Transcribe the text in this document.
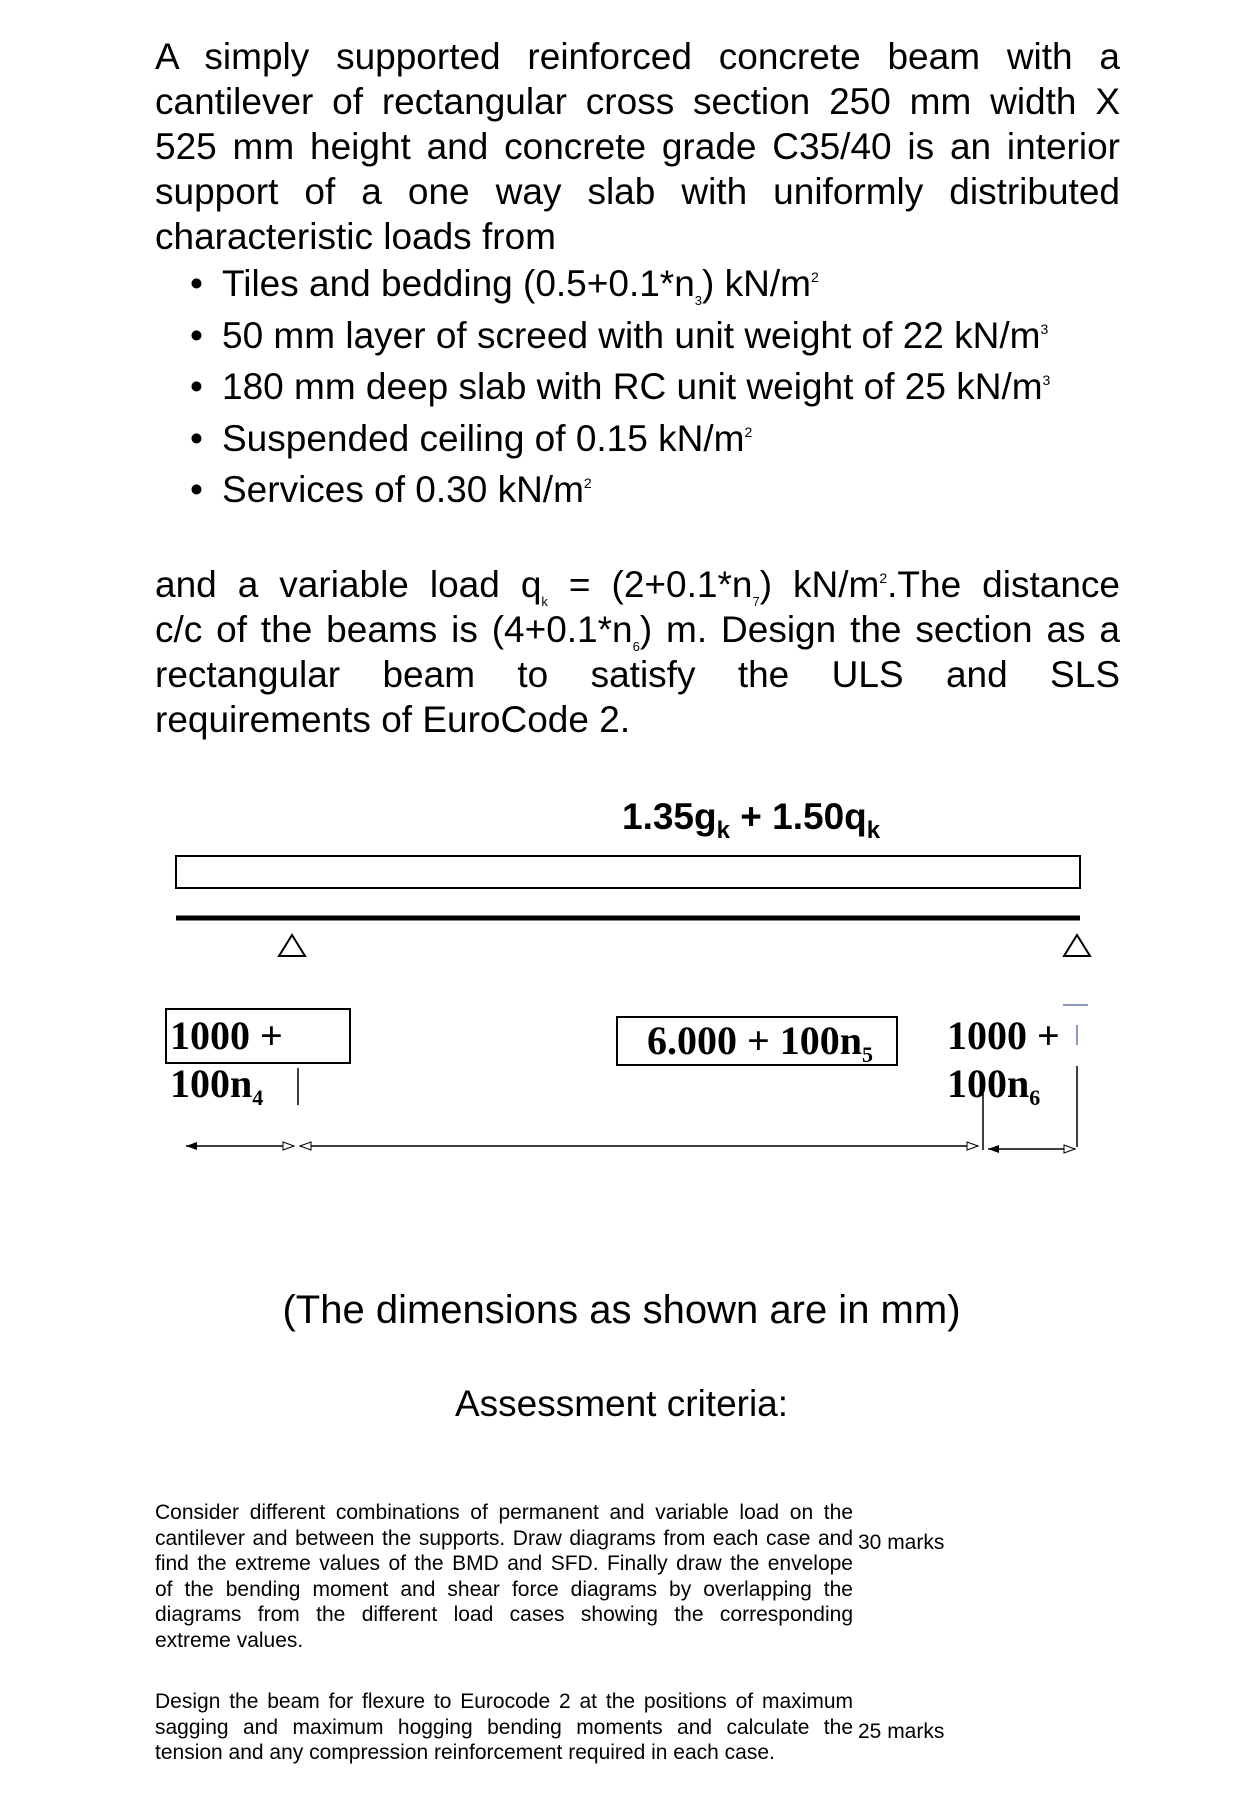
A simply supported reinforced concrete beam with a
cantilever of rectangular cross section 250 mm width X
525 mm height and concrete grade C35/40 is an interior
support of a one way slab with uniformly distributed
characteristic loads from
• Tiles and bedding $(0.5+0.1*n_3)$ $kN/m^2$
• 50 mm layer of screed with unit weight of 22 $kN/m^3$
• 180 mm deep slab with RC unit weight of 25 $kN/m^3$
• Suspended ceiling of 0.15 $kN/m^2$
• Services of 0.30 $kN/m^2$
and a variable load $q_k = (2+0.1*n_7)$ $kN/m^2.The$ distance
c/c of the beams is $(4+0.1*n_6)$ m. Design the section as a
rectangular beam to satisfy the ULS and SLS
requirements of EuroCode 2.
$1.35g_k + 1.50q_k$
1000 +
$100n_4$
$6.000 + 100n_5$ 1000 +
$100n_6$
(The dimensions as shown are in mm)
Assessment criteria:
Consider different combinations of permanent and variable load on the
cantilever and between the supports. Draw diagrams from each case and
find the extreme values of the BMD and SFD. Finally draw the envelope
of the bending moment and shear force diagrams by overlapping the
diagrams from the different load cases showing the corresponding
extreme values.
30 marks
Design the beam for flexure to Eurocode 2 at the positions of maximum
sagging and maximum hogging bending moments and calculate the
tension and any compression reinforcement required in each case.
25 marks
